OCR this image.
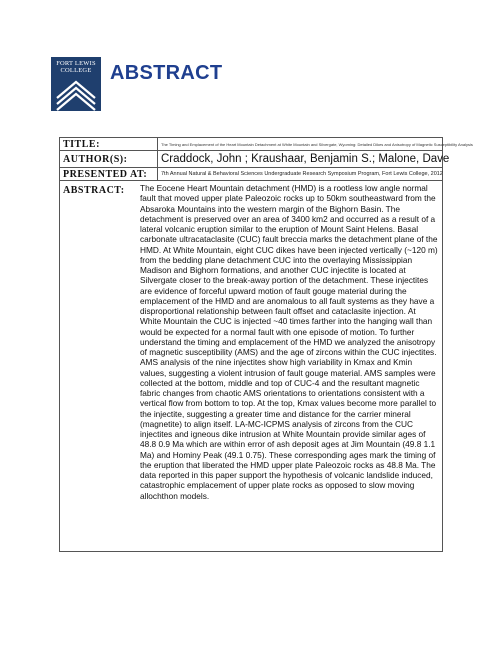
FORT LEWIS
COLLEGE ABSTRACT
TITLE:	The Timing and Emplacement of the Heart Mountain Detachment at White Mountain and Silvergate, Wyoming: Detailed Dikes and Anisotropy of Magnetic Susceptibility Analysis
AUTHOR(S):	Craddock, John ; Kraushaar, Benjamin S.; Malone, Dave
PRESENTED AT:	7th Annual Natural & Behavioral Sciences Undergraduate Research Symposium Program, Fort Lewis College, 2012
ABSTRACT: The Eocene Heart Mountain detachment (HMD) is a rootless low angle normal fault that moved upper plate Paleozoic rocks up to 50km southeastward from the Absaroka Mountains into the western margin of the Bighorn Basin. The detachment is preserved over an area of 3400 km2 and occurred as a result of a lateral volcanic eruption similar to the eruption of Mount Saint Helens. Basal carbonate ultracataclasite (CUC) fault breccia marks the detachment plane of the HMD. At White Mountain, eight CUC dikes have been injected vertically (~120 m) from the bedding plane detachment CUC into the overlaying Mississippian Madison and Bighorn formations, and another CUC injectite is located at Silvergate closer to the break-away portion of the detachment. These injectites are evidence of forceful upward motion of fault gouge material during the emplacement of the HMD and are anomalous to all fault systems as they have a disproportional relationship between fault offset and cataclasite injection. At White Mountain the CUC is injected ~40 times farther into the hanging wall than would be expected for a normal fault with one episode of motion. To further understand the timing and emplacement of the HMD we analyzed the anisotropy of magnetic susceptibility (AMS) and the age of zircons within the CUC injectites. AMS analysis of the nine injectites show high variability in Kmax and Kmin values, suggesting a violent intrusion of fault gouge material. AMS samples were collected at the bottom, middle and top of CUC-4 and the resultant magnetic fabric changes from chaotic AMS orientations to orientations consistent with a vertical flow from bottom to top. At the top, Kmax values become more parallel to the injectite, suggesting a greater time and distance for the carrier mineral (magnetite) to align itself. LA-MC-ICPMS analysis of zircons from the CUC injectites and igneous dike intrusion at White Mountain provide similar ages of 48.8 0.9 Ma which are within error of ash deposit ages at Jim Mountain (49.8 1.1 Ma) and Hominy Peak (49.1 0.75). These corresponding ages mark the timing of the eruption that liberated the HMD upper plate Paleozoic rocks as 48.8 Ma. The data reported in this paper support the hypothesis of volcanic landslide induced, catastrophic emplacement of upper plate rocks as opposed to slow moving allochthon models.
